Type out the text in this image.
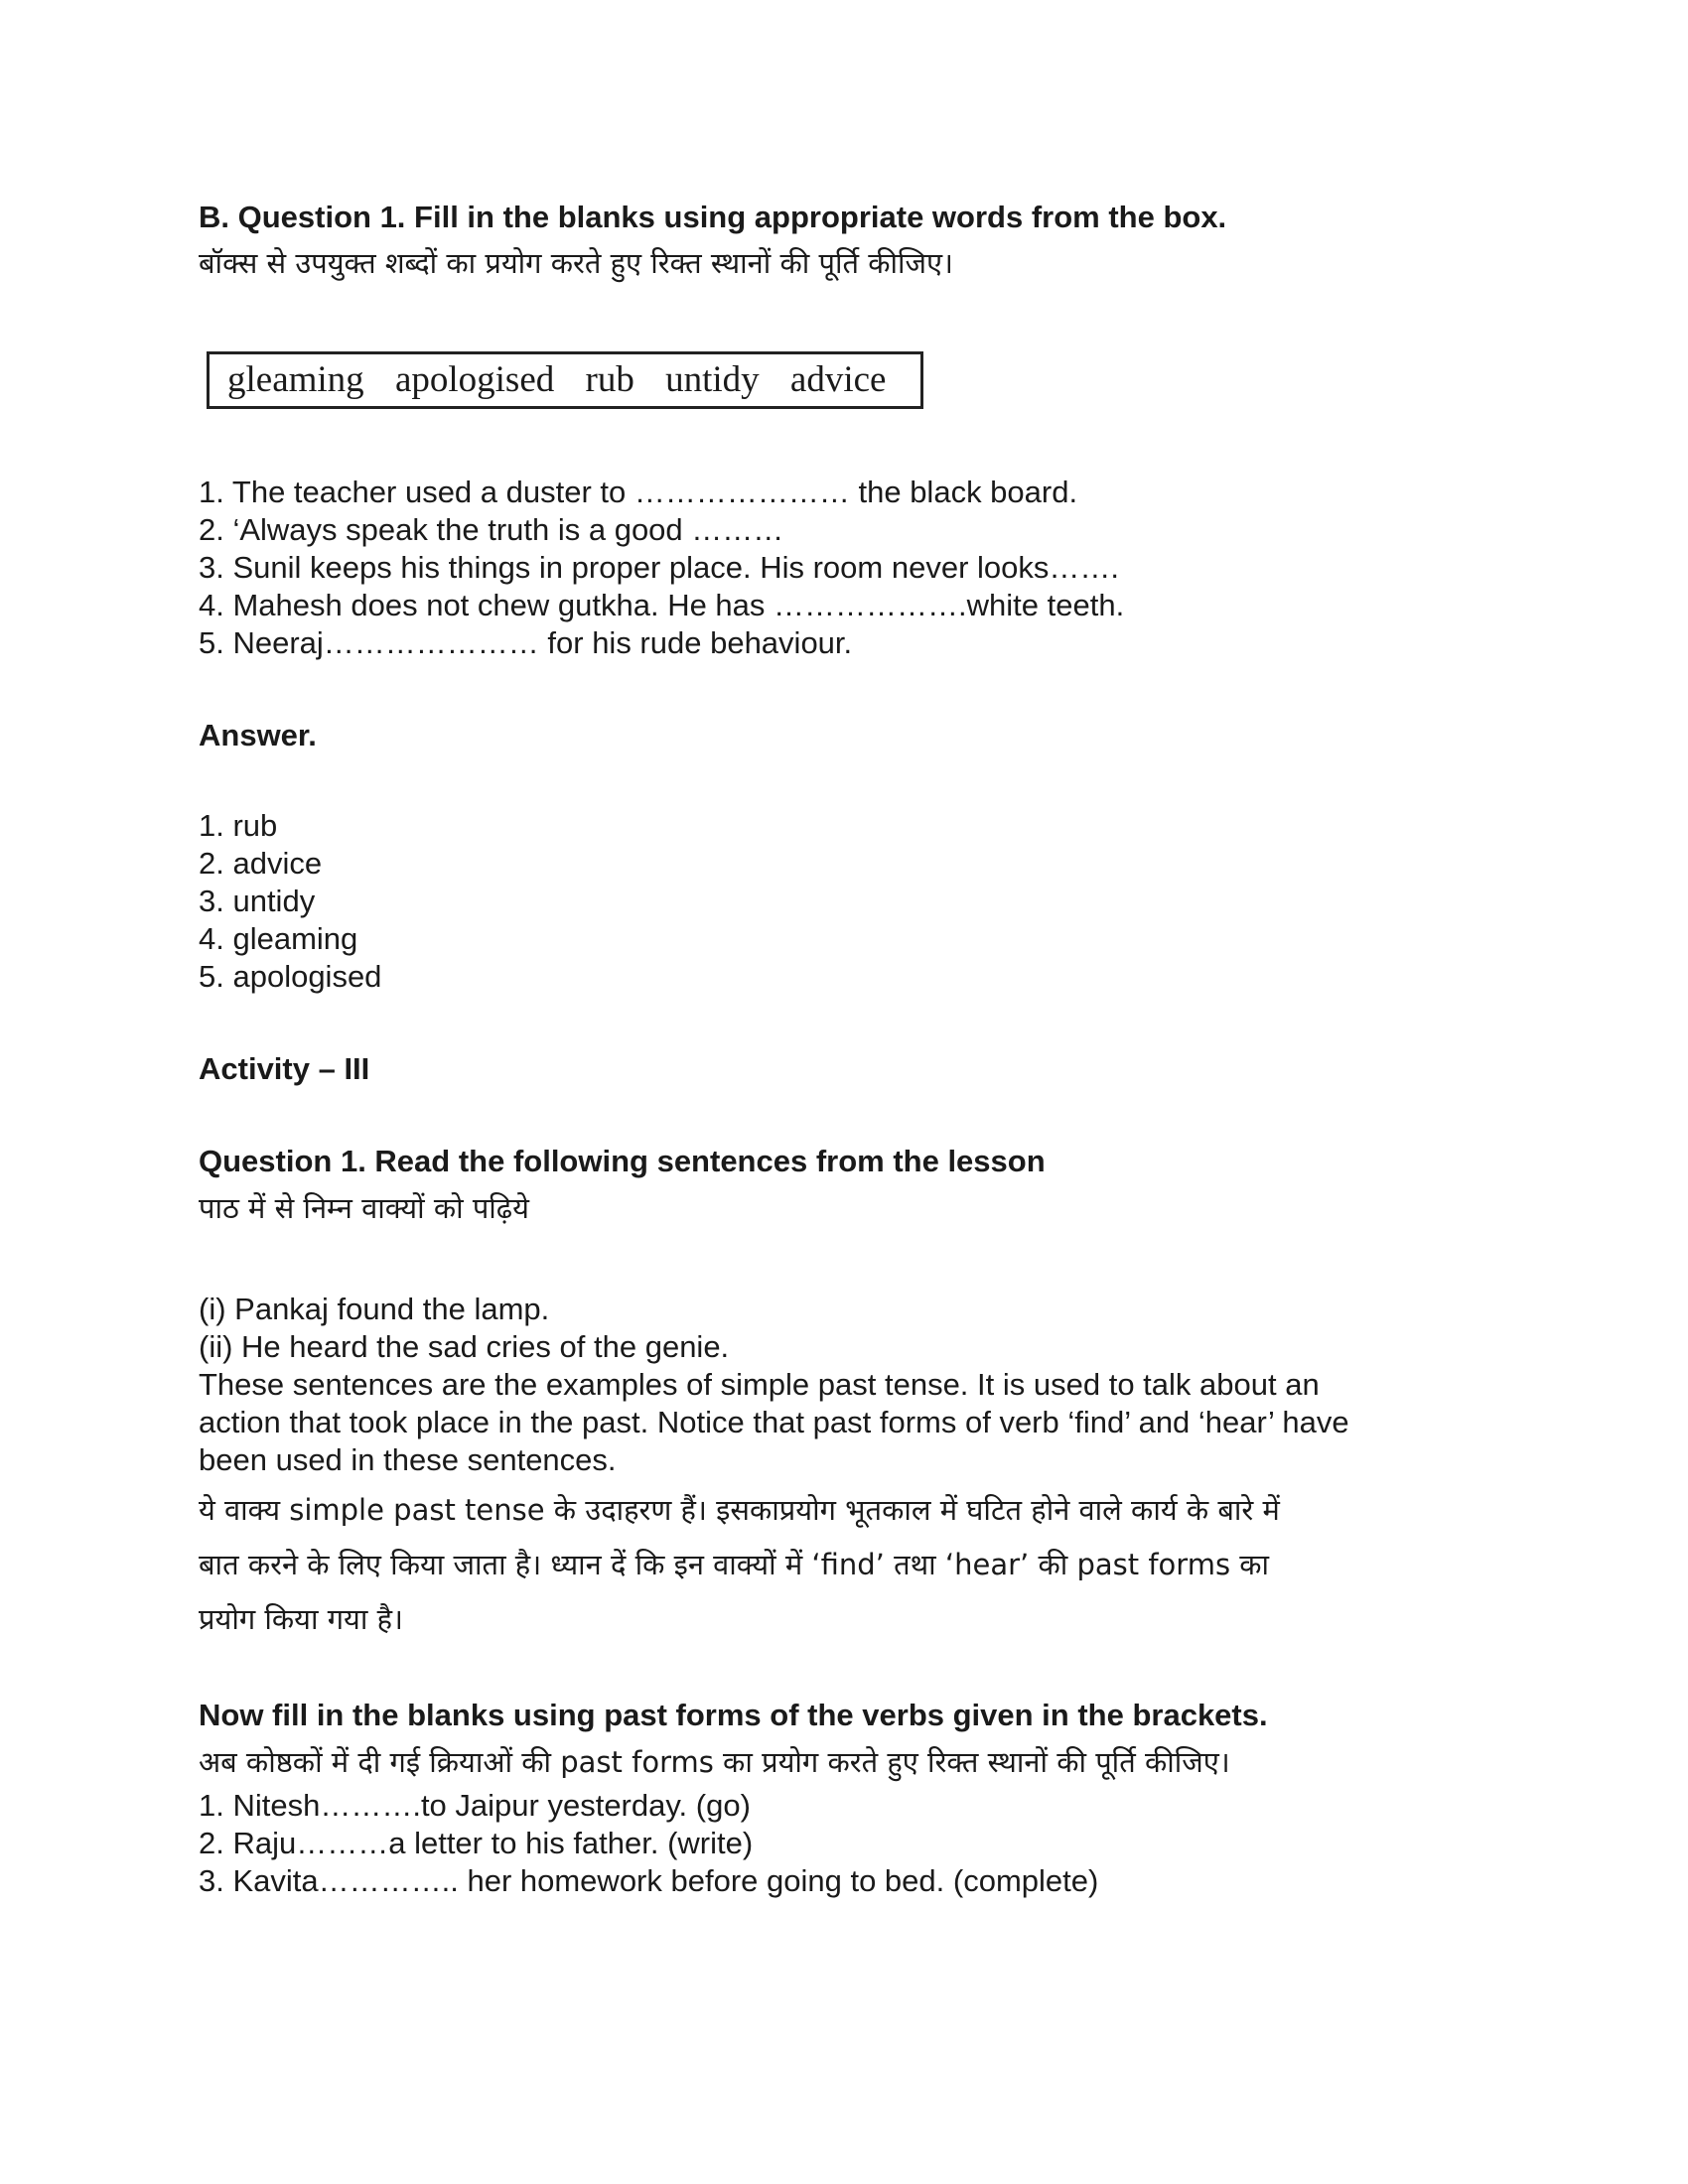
B. Question 1. Fill in the blanks using appropriate words from the box.
बॉक्स से उपयुक्त शब्दों का प्रयोग करते हुए रिक्त स्थानों की पूर्ति कीजिए।
gleaming apologised rub untidy advice
1. The teacher used a duster to ………………… the black board.
2. ‘Always speak the truth is a good ………
3. Sunil keeps his things in proper place. His room never looks…….
4. Mahesh does not chew gutkha. He has ……………….white teeth.
5. Neeraj………………… for his rude behaviour.
Answer.
1. rub
2. advice
3. untidy
4. gleaming
5. apologised
Activity – III
Question 1. Read the following sentences from the lesson
पाठ में से निम्न वाक्यों को पढ़िये
(i) Pankaj found the lamp.
(ii) He heard the sad cries of the genie.
These sentences are the examples of simple past tense. It is used to talk about an
action that took place in the past. Notice that past forms of verb ‘find’ and ‘hear’ have
been used in these sentences.
ये वाक्य simple past tense के उदाहरण हैं। इसकाप्रयोग भूतकाल में घटित होने वाले कार्य के बारे में
बात करने के लिए किया जाता है। ध्यान दें कि इन वाक्यों में ‘find’ तथा ‘hear’ की past forms का
प्रयोग किया गया है।
Now fill in the blanks using past forms of the verbs given in the brackets.
अब कोष्ठकों में दी गई क्रियाओं की past forms का प्रयोग करते हुए रिक्त स्थानों की पूर्ति कीजिए।
1. Nitesh……….to Jaipur yesterday. (go)
2. Raju………a letter to his father. (write)
3. Kavita………….. her homework before going to bed. (complete)
